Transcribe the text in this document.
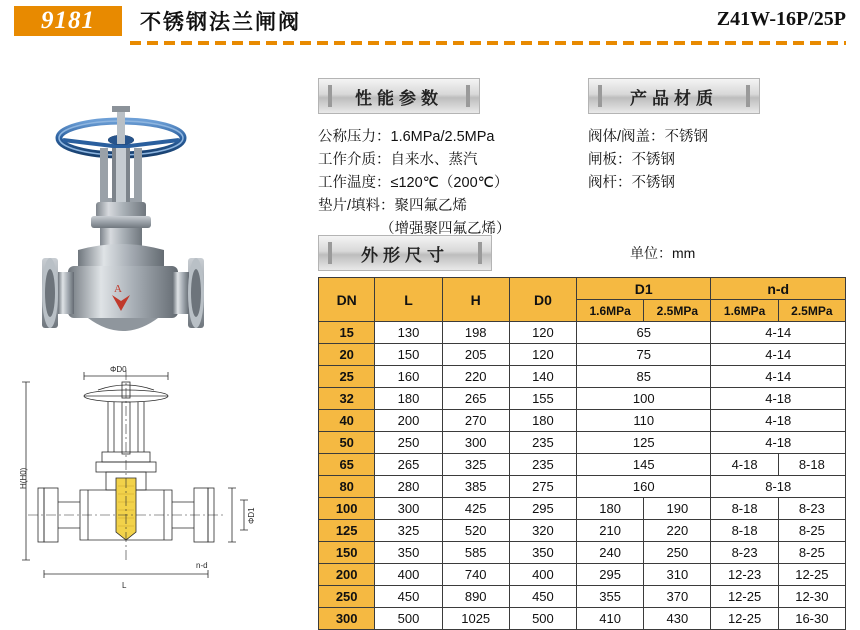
9181	不锈钢法兰闸阀	Z41W-16P/25P
A
ΦD0
H(H0)
ΦD1
L
n-d
性能参数	产品材质
外形尺寸
公称压力：1.6MPa/2.5MPa
工作介质：自来水、蒸汽
工作温度：≤120℃（200℃）
垫片/填料：聚四氟乙烯
（增强聚四氟乙烯）
阀体/阀盖：不锈钢
闸板：不锈钢
阀杆：不锈钢
单位：mm
DN	L	H	D0	D1		n-d	
				1.6MPa	2.5MPa	1.6MPa	2.5MPa
15	130	198	120	65		4-14	
20	150	205	120	75		4-14	
25	160	220	140	85		4-14	
32	180	265	155	100		4-18	
40	200	270	180	110		4-18	
50	250	300	235	125		4-18	
65	265	325	235	145		4-18	8-18
80	280	385	275	160		8-18	
100	300	425	295	180	190	8-18	8-23
125	325	520	320	210	220	8-18	8-25
150	350	585	350	240	250	8-23	8-25
200	400	740	400	295	310	12-23	12-25
250	450	890	450	355	370	12-25	12-30
300	500	1025	500	410	430	12-25	16-30
